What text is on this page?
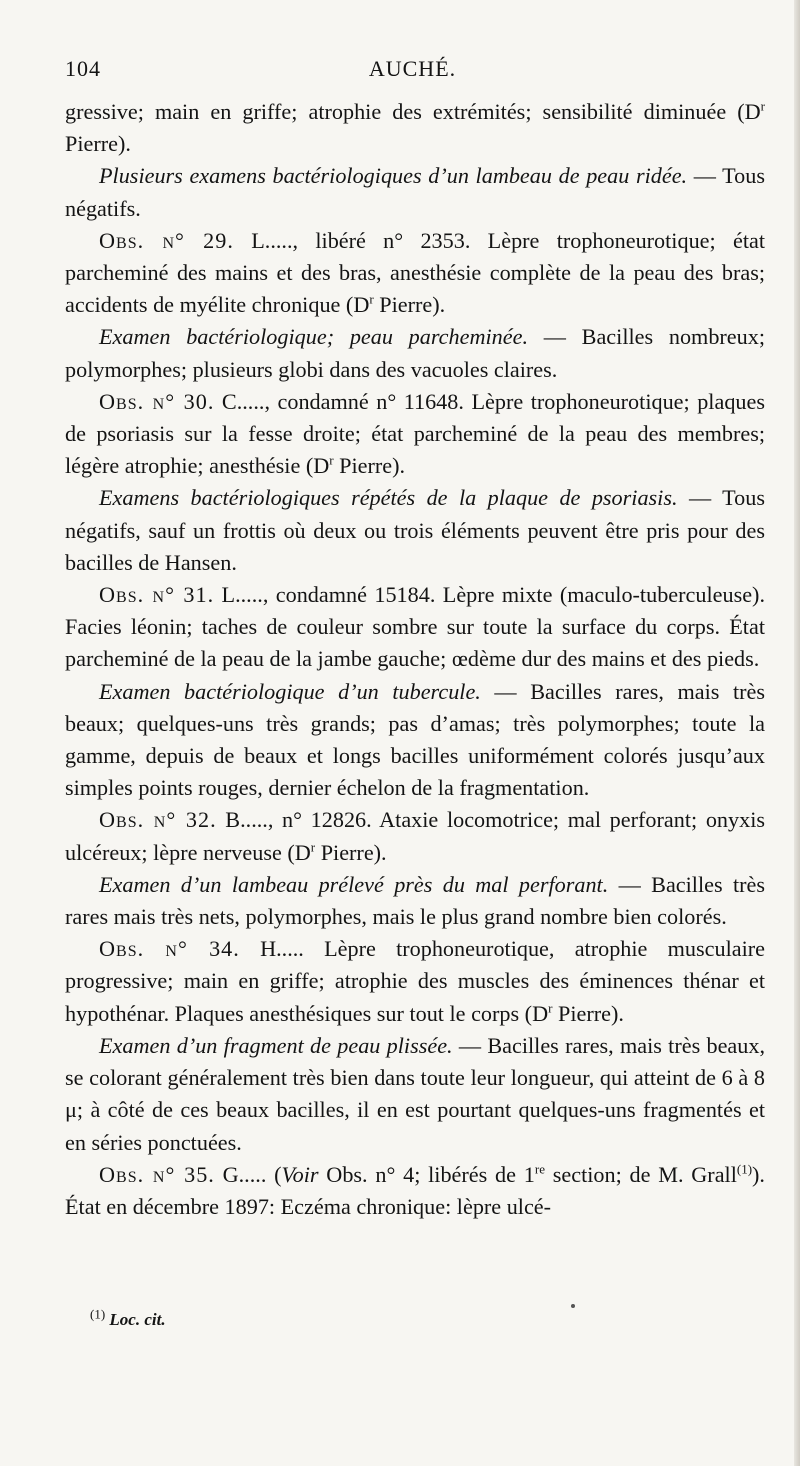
104	AUCHÉ.

gressive; main en griffe; atrophie des extrémités; sensibilité diminuée ($D^r$ Pierre).

Plusieurs examens bactériologiques d’un lambeau de peau ridée. — Tous négatifs.

Obs. n° 29. L....., libéré n° 2353. Lèpre trophoneurotique; état parcheminé des mains et des bras, anesthésie complète de la peau des bras; accidents de myélite chronique ($D^r$ Pierre).

Examen bactériologique; peau parcheminée. — Bacilles nombreux; polymorphes; plusieurs globi dans des vacuoles claires.

Obs. n° 30. C....., condamné n° 11648. Lèpre trophoneurotique; plaques de psoriasis sur la fesse droite; état parcheminé de la peau des membres; légère atrophie; anesthésie ($D^r$ Pierre).

Examens bactériologiques répétés de la plaque de psoriasis. — Tous négatifs, sauf un frottis où deux ou trois éléments peuvent être pris pour des bacilles de Hansen.

Obs. n° 31. L....., condamné 15184. Lèpre mixte (maculo-tuberculeuse). Facies léonin; taches de couleur sombre sur toute la surface du corps. État parcheminé de la peau de la jambe gauche; œdème dur des mains et des pieds.

Examen bactériologique d’un tubercule. — Bacilles rares, mais très beaux; quelques-uns très grands; pas d’amas; très polymorphes; toute la gamme, depuis de beaux et longs bacilles uniformément colorés jusqu’aux simples points rouges, dernier échelon de la fragmentation.

Obs. n° 32. B....., n° 12826. Ataxie locomotrice; mal perforant; onyxis ulcéreux; lèpre nerveuse ($D^r$ Pierre).

Examen d’un lambeau prélevé près du mal perforant. — Bacilles très rares mais très nets, polymorphes, mais le plus grand nombre bien colorés.

Obs. n° 34. H..... Lèpre trophoneurotique, atrophie musculaire progressive; main en griffe; atrophie des muscles des éminences thénar et hypothénar. Plaques anesthésiques sur tout le corps ($D^r$ Pierre).

Examen d’un fragment de peau plissée. — Bacilles rares, mais très beaux, se colorant généralement très bien dans toute leur longueur, qui atteint de 6 à 8 μ; à côté de ces beaux bacilles, il en est pourtant quelques-uns fragmentés et en séries ponctuées.

Obs. n° 35. G..... (Voir Obs. n° 4; libérés de 1re section; de M. Grall$^{(1)}$). État en décembre 1897: Eczéma chronique: lèpre ulcé-

$^{(1)}$ Loc. cit.
